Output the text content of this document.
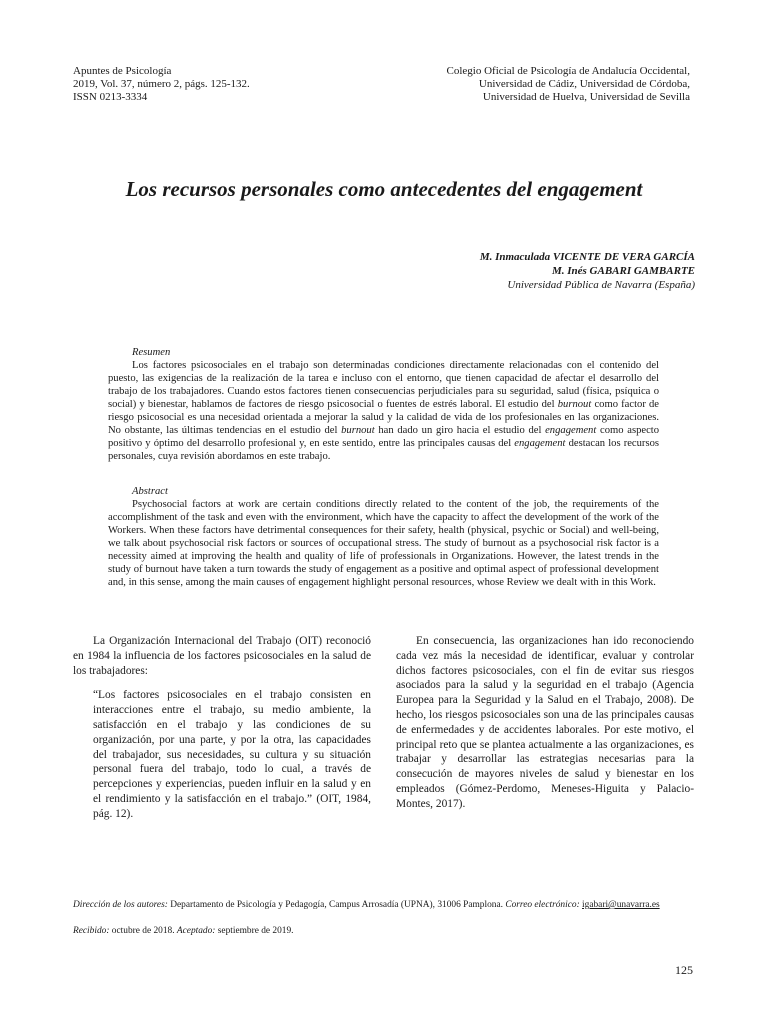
Apuntes de Psicología
2019, Vol. 37, número 2, págs. 125-132.
ISSN 0213-3334
Colegio Oficial de Psicología de Andalucía Occidental,
Universidad de Cádiz, Universidad de Córdoba,
Universidad de Huelva, Universidad de Sevilla
Los recursos personales como antecedentes del engagement
M. Inmaculada VICENTE DE VERA GARCÍA
M. Inés GABARI GAMBARTE
Universidad Pública de Navarra (España)
Resumen

Los factores psicosociales en el trabajo son determinadas condiciones directamente relacionadas con el contenido del puesto, las exigencias de la realización de la tarea e incluso con el entorno, que tienen capacidad de afectar el desarrollo del trabajo de los trabajadores. Cuando estos factores tienen consecuencias perjudiciales para su seguridad, salud (física, psíquica o social) y bienestar, hablamos de factores de riesgo psicosocial o fuentes de estrés laboral. El estudio del burnout como factor de riesgo psicosocial es una necesidad orientada a mejorar la salud y la calidad de vida de los profesionales en las organizaciones. No obstante, las últimas tendencias en el estudio del burnout han dado un giro hacia el estudio del engagement como aspecto positivo y óptimo del desarrollo profesional y, en este sentido, entre las principales causas del engagement destacan los recursos personales, cuya revisión abordamos en este trabajo.

Abstract

Psychosocial factors at work are certain conditions directly related to the content of the job, the requirements of the accomplishment of the task and even with the environment, which have the capacity to affect the development of the work of the Workers. When these factors have detrimental consequences for their safety, health (physical, psychic or Social) and well-being, we talk about psychosocial risk factors or sources of occupational stress. The study of burnout as a psychosocial risk factor is a necessity aimed at improving the health and quality of life of professionals in Organizations. However, the latest trends in the study of burnout have taken a turn towards the study of engagement as a positive and optimal aspect of professional development and, in this sense, among the main causes of engagement highlight personal resources, whose Review we dealt with in this Work.

La Organización Internacional del Trabajo (OIT) reconoció en 1984 la influencia de los factores psicosociales en la salud de los trabajadores:

“Los factores psicosociales en el trabajo consisten en interacciones entre el trabajo, su medio ambiente, la satisfacción en el trabajo y las condiciones de su organización, por una parte, y por la otra, las capacidades del trabajador, sus necesidades, su cultura y su situación personal fuera del trabajo, todo lo cual, a través de percepciones y experiencias, pueden influir en la salud y en el rendimiento y la satisfacción en el trabajo.” (OIT, 1984, pág. 12).

En consecuencia, las organizaciones han ido reconociendo cada vez más la necesidad de identificar, evaluar y controlar dichos factores psicosociales, con el fin de evitar sus riesgos asociados para la salud y la seguridad en el trabajo (Agencia Europea para la Seguridad y la Salud en el Trabajo, 2008). De hecho, los riesgos psicosociales son una de las principales causas de enfermedades y de accidentes laborales. Por este motivo, el principal reto que se plantea actualmente a las organizaciones, es trabajar y desarrollar las estrategias necesarias para la consecución de mayores niveles de salud y bienestar en los empleados (Gómez-Perdomo, Meneses-Higuita y Palacio-Montes, 2017).

Dirección de los autores: Departamento de Psicología y Pedagogía, Campus Arrosadía (UPNA), 31006 Pamplona. Correo electrónico: igabari@unavarra.es
Recibido: octubre de 2018. Aceptado: septiembre de 2019.
125
